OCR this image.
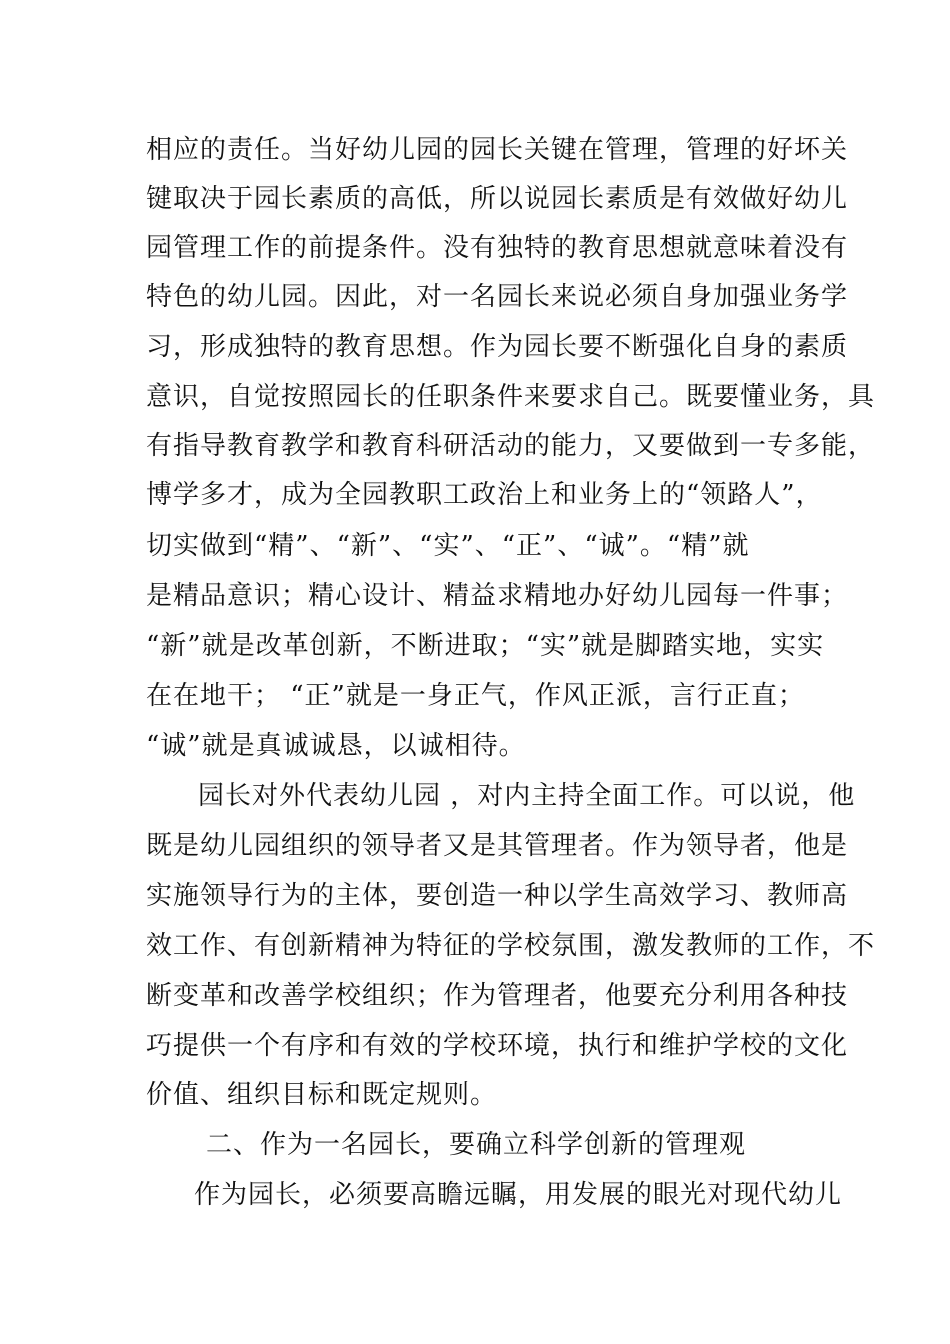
相应的责任。当好幼儿园的园长关键在管理，管理的好坏关
键取决于园长素质的高低，所以说园长素质是有效做好幼儿
园管理工作的前提条件。没有独特的教育思想就意味着没有
特色的幼儿园。因此，对一名园长来说必须自身加强业务学
习，形成独特的教育思想。作为园长要不断强化自身的素质
意识，自觉按照园长的任职条件来要求自己。既要懂业务，具
有指导教育教学和教育科研活动的能力，又要做到一专多能，
博学多才，成为全园教职工政治上和业务上的“领路人”，
切实做到“精”、“新”、“实”、“正”、“诚”。“精”就
是精品意识；精心设计、精益求精地办好幼儿园每一件事；
“新”就是改革创新，不断进取；“实”就是脚踏实地，实实
在在地干； “正”就是一身正气，作风正派，言行正直；
“诚”就是真诚诚恳，以诚相待。
园长对外代表幼儿园 ，对内主持全面工作。可以说，他
既是幼儿园组织的领导者又是其管理者。作为领导者，他是
实施领导行为的主体，要创造一种以学生高效学习、教师高
效工作、有创新精神为特征的学校氛围，激发教师的工作，不
断变革和改善学校组织；作为管理者，他要充分利用各种技
巧提供一个有序和有效的学校环境，执行和维护学校的文化
价值、组织目标和既定规则。
二、作为一名园长，要确立科学创新的管理观
作为园长，必须要高瞻远瞩，用发展的眼光对现代幼儿
